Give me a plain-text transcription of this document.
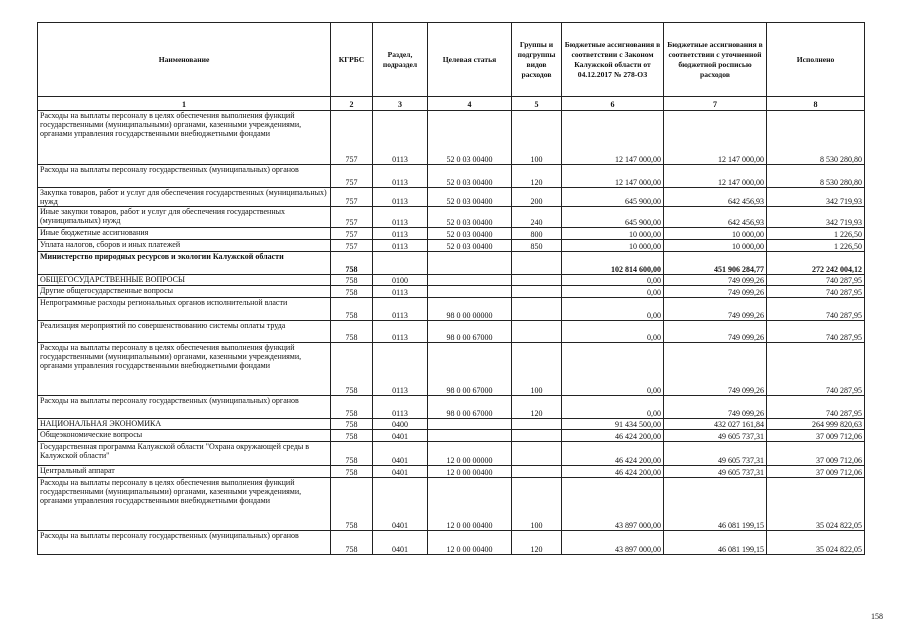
Наименование	КГРБС	Раздел, подраздел	Целевая статья	Группы и подгруппы видов расходов	Бюджетные ассигнования в соответствии с Законом Калужской области от 04.12.2017 № 278-ОЗ	Бюджетные ассигнования в соответствии с уточненной бюджетной росписью расходов	Исполнено
1	2	3	4	5	6	7	8
Расходы на выплаты персоналу в целях обеспечения выполнения функций государственными (муниципальными) органами, казенными учреждениями, органами управления государственными внебюджетными фондами	757	0113	52 0 03 00400	100	12 147 000,00	12 147 000,00	8 530 280,80
Расходы на выплаты персоналу государственных (муниципальных) органов	757	0113	52 0 03 00400	120	12 147 000,00	12 147 000,00	8 530 280,80
Закупка товаров, работ и услуг для обеспечения государственных (муниципальных) нужд	757	0113	52 0 03 00400	200	645 900,00	642 456,93	342 719,93
Иные закупки товаров, работ и услуг для обеспечения государственных (муниципальных) нужд	757	0113	52 0 03 00400	240	645 900,00	642 456,93	342 719,93
Иные бюджетные ассигнования	757	0113	52 0 03 00400	800	10 000,00	10 000,00	1 226,50
Уплата налогов, сборов и иных платежей	757	0113	52 0 03 00400	850	10 000,00	10 000,00	1 226,50
Министерство природных ресурсов и экологии Калужской области	758				102 814 600,00	451 906 284,77	272 242 004,12
ОБЩЕГОСУДАРСТВЕННЫЕ ВОПРОСЫ	758	0100			0,00	749 099,26	740 287,95
Другие общегосударственные вопросы	758	0113			0,00	749 099,26	740 287,95
Непрограммные расходы региональных органов исполнительной власти	758	0113	98 0 00 00000		0,00	749 099,26	740 287,95
Реализация мероприятий по совершенствованию системы оплаты труда	758	0113	98 0 00 67000		0,00	749 099,26	740 287,95
Расходы на выплаты персоналу в целях обеспечения выполнения функций государственными (муниципальными) органами, казенными учреждениями, органами управления государственными внебюджетными фондами	758	0113	98 0 00 67000	100	0,00	749 099,26	740 287,95
Расходы на выплаты персоналу государственных (муниципальных) органов	758	0113	98 0 00 67000	120	0,00	749 099,26	740 287,95
НАЦИОНАЛЬНАЯ ЭКОНОМИКА	758	0400			91 434 500,00	432 027 161,84	264 999 820,63
Общеэкономические вопросы	758	0401			46 424 200,00	49 605 737,31	37 009 712,06
Государственная программа Калужской области "Охрана окружающей среды в Калужской области"	758	0401	12 0 00 00000		46 424 200,00	49 605 737,31	37 009 712,06
Центральный аппарат	758	0401	12 0 00 00400		46 424 200,00	49 605 737,31	37 009 712,06
Расходы на выплаты персоналу в целях обеспечения выполнения функций государственными (муниципальными) органами, казенными учреждениями, органами управления государственными внебюджетными фондами	758	0401	12 0 00 00400	100	43 897 000,00	46 081 199,15	35 024 822,05
Расходы на выплаты персоналу государственных (муниципальных) органов	758	0401	12 0 00 00400	120	43 897 000,00	46 081 199,15	35 024 822,05
158
